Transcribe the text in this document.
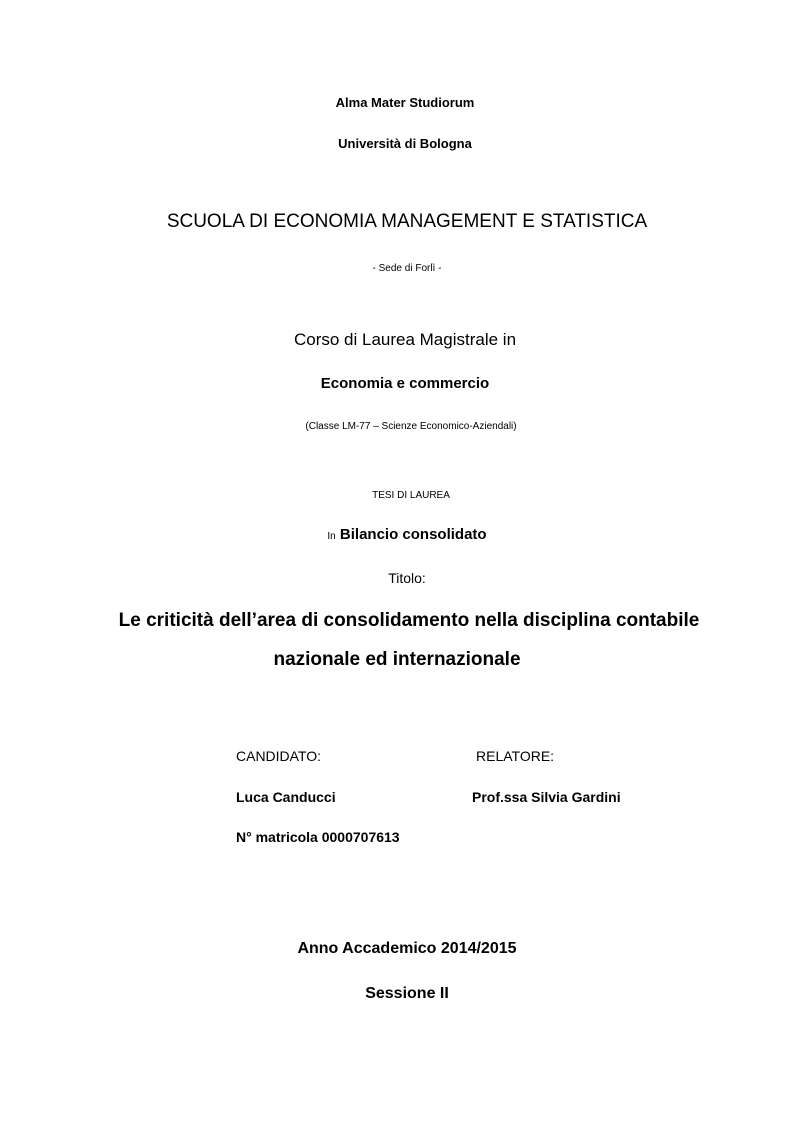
Alma Mater Studiorum
Università di Bologna
SCUOLA DI ECONOMIA MANAGEMENT E STATISTICA
- Sede di Forlì -
Corso di Laurea Magistrale in
Economia e commercio
(Classe LM-77 – Scienze Economico-Aziendali)
TESI DI LAUREA
In Bilancio consolidato
Titolo:
Le criticità dell’area di consolidamento nella disciplina contabile
nazionale ed internazionale
CANDIDATO:	RELATORE:
Luca Canducci	Prof.ssa Silvia Gardini
N° matricola 0000707613
Anno Accademico 2014/2015
Sessione II
